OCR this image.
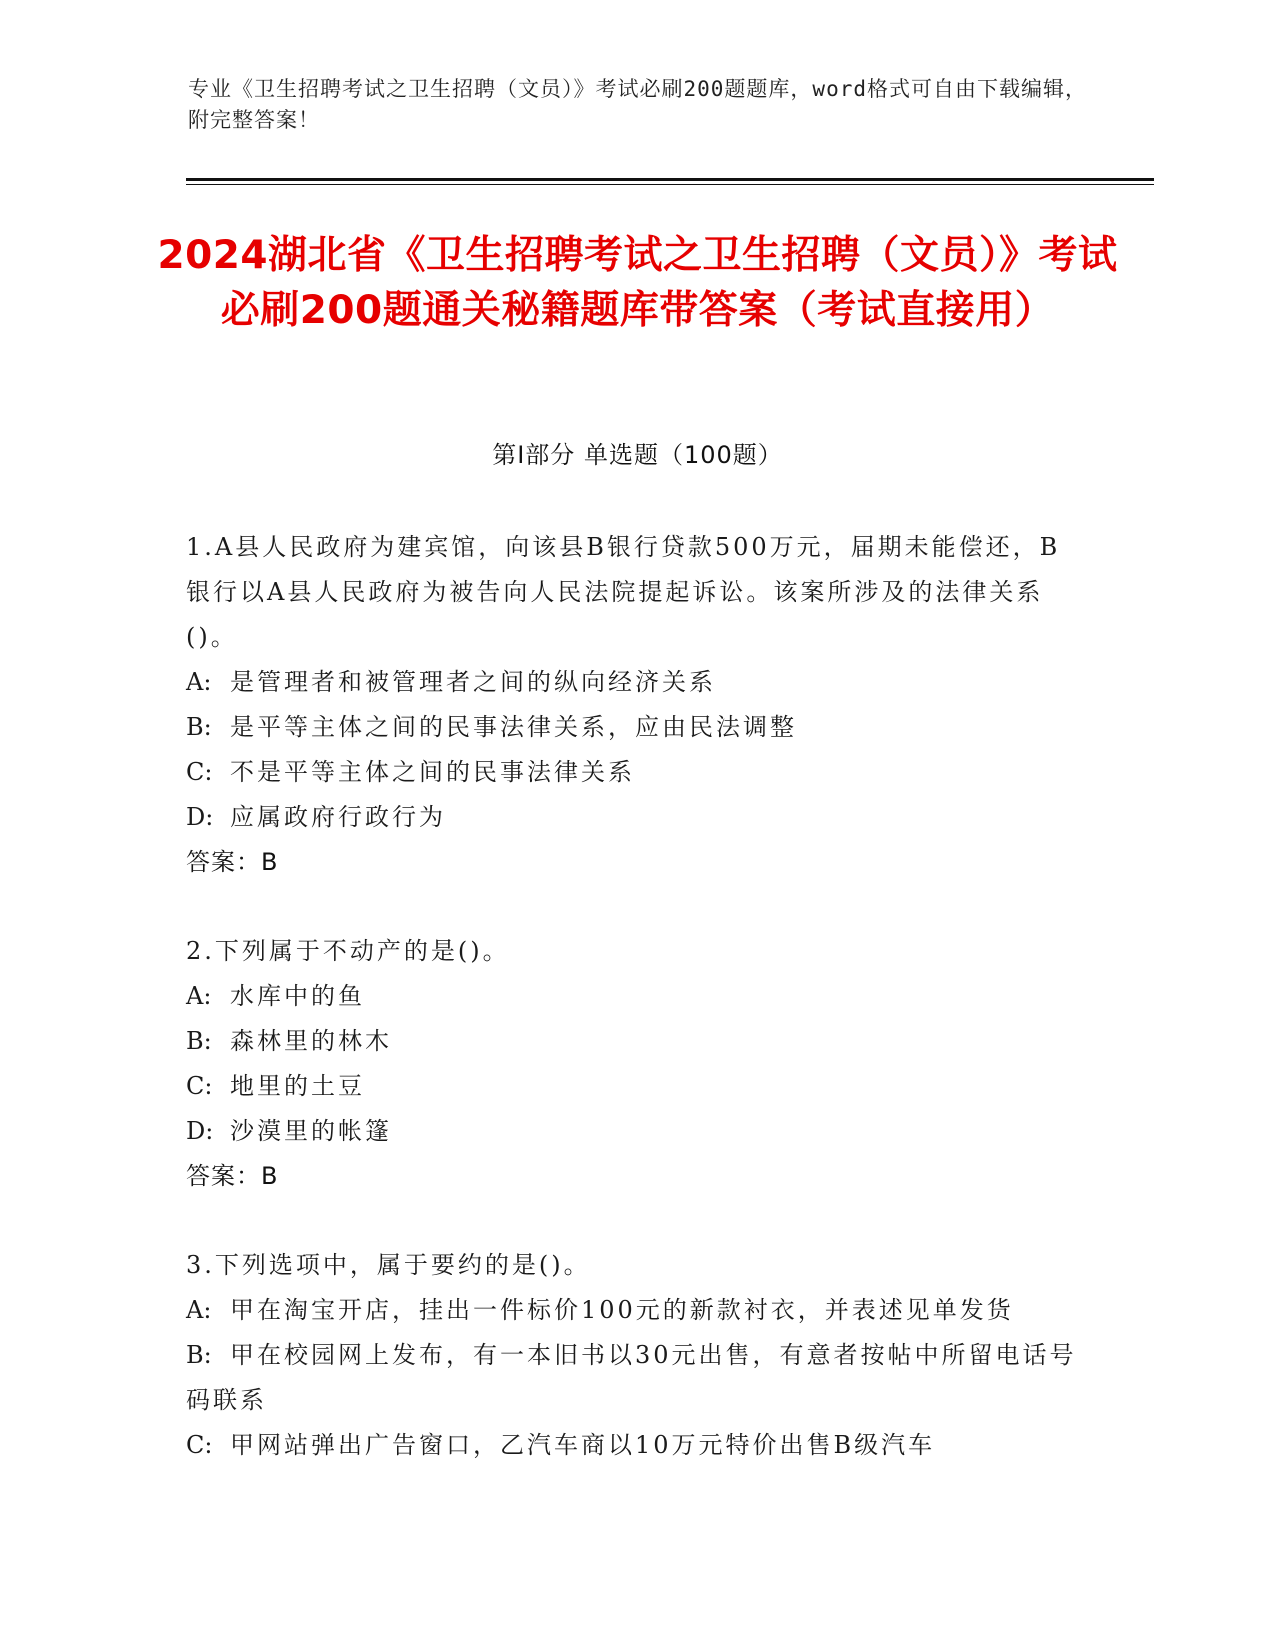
专业《卫生招聘考试之卫生招聘（文员）》考试必刷200题题库，word格式可自由下载编辑，附完整答案！
2024湖北省《卫生招聘考试之卫生招聘（文员）》考试必刷200题通关秘籍题库带答案（考试直接用）
第Ⅰ部分 单选题（100题）

1.A县人民政府为建宾馆，向该县B银行贷款500万元，届期未能偿还，B银行以A县人民政府为被告向人民法院提起诉讼。该案所涉及的法律关系()。

A: 是管理者和被管理者之间的纵向经济关系

B: 是平等主体之间的民事法律关系，应由民法调整

C: 不是平等主体之间的民事法律关系

D: 应属政府行政行为

答案：B

2.下列属于不动产的是()。

A: 水库中的鱼

B: 森林里的林木

C: 地里的土豆

D: 沙漠里的帐篷

答案：B

3.下列选项中，属于要约的是()。

A: 甲在淘宝开店，挂出一件标价100元的新款衬衣，并表述见单发货

B: 甲在校园网上发布，有一本旧书以30元出售，有意者按帖中所留电话号码联系

C: 甲网站弹出广告窗口，乙汽车商以10万元特价出售B级汽车
